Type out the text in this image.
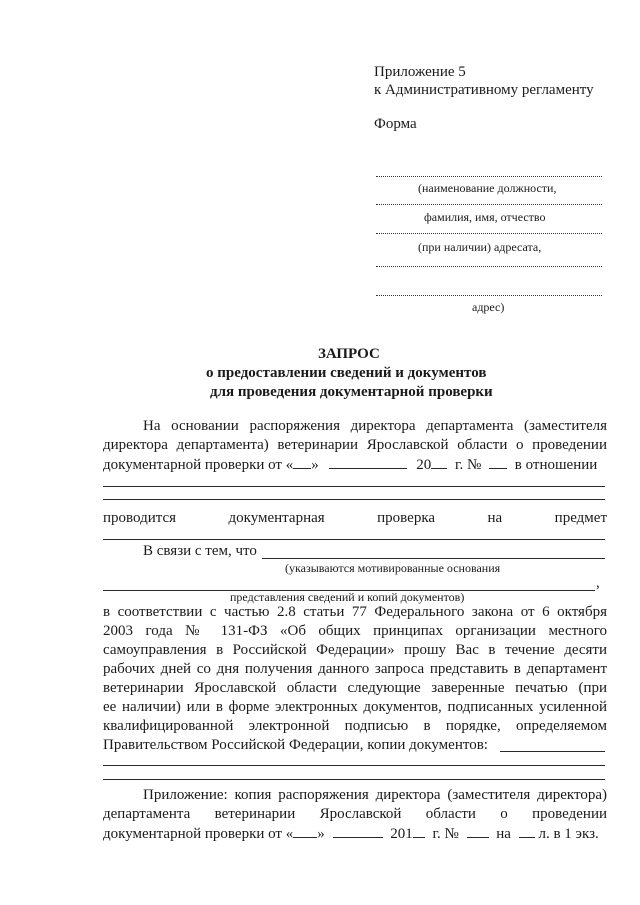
Приложение 5
к Административному регламенту
Форма
(наименование должности,
фамилия, имя, отчество
(при наличии) адресата,
адрес)
ЗАПРОС
о предоставлении сведений и документов
для проведения документарной проверки
На основании распоряжения директора департамента (заместителя
директора департамента) ветеринарии Ярославской области о проведении
документарной проверки от « »	20 г. № в отношении
проводится	документарная	проверка	на	предмет
В связи с тем, что
(указываются мотивированные основания
,
представления сведений и копий документов)
в соответствии с частью 2.8 статьи 77 Федерального закона от 6 октября
2003 года № 131-ФЗ «Об общих принципах организации местного
самоуправления в Российской Федерации» прошу Вас в течение десяти
рабочих дней со дня получения данного запроса представить в департамент
ветеринарии Ярославской области следующие заверенные печатью (при
ее наличии) или в форме электронных документов, подписанных усиленной
квалифицированной электронной подписью в порядке, определяемом
Правительством Российской Федерации, копии документов:
Приложение: копия распоряжения директора (заместителя директора)
департамента ветеринарии Ярославской области о проведении
документарной проверки от « »	201 г. №	на л. в 1 экз.
